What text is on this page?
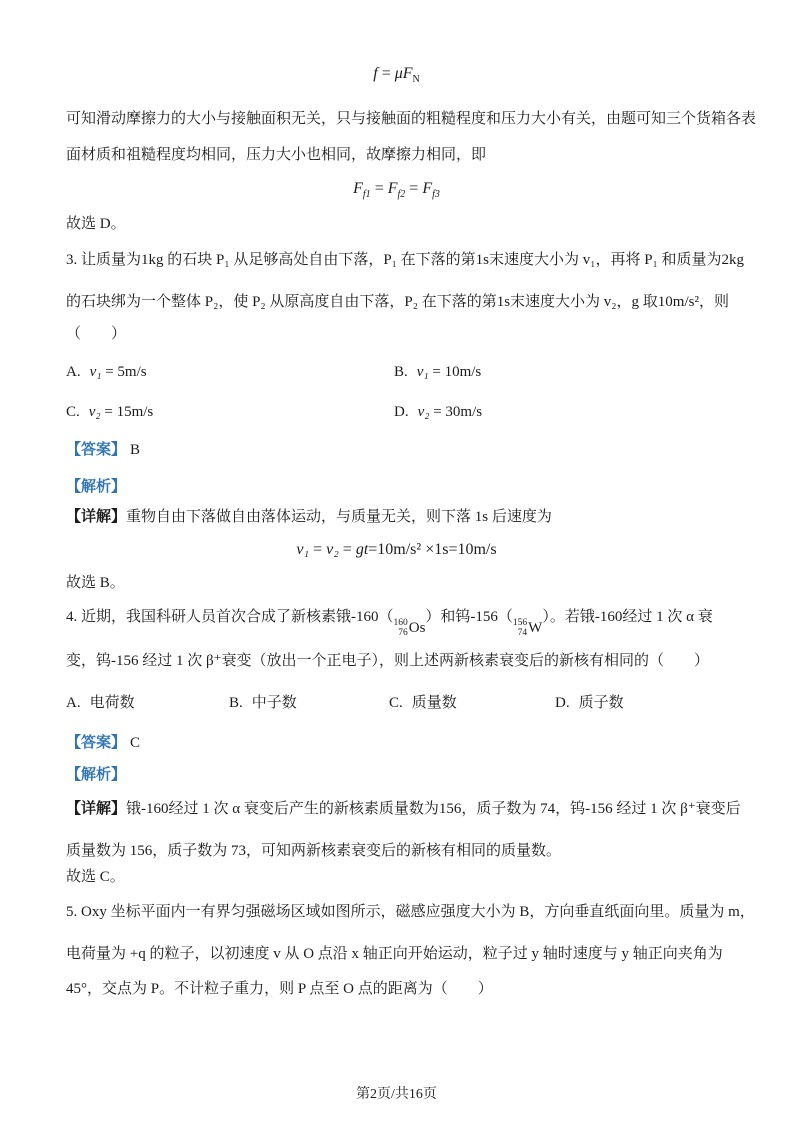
$f = \mu F_N$
可知滑动摩擦力的大小与接触面积无关，只与接触面的粗糙程度和压力大小有关，由题可知三个货箱各表
面材质和祖糙程度均相同，压力大小也相同，故摩擦力相同，即
$F_{f1} = F_{f2} = F_{f3}$
故选 D。
3. 让质量为1kg 的石块 P₁ 从足够高处自由下落，P₁ 在下落的第1s末速度大小为 v₁，再将 P₁ 和质量为2kg
的石块绑为一个整体 P₂，使 P₂ 从原高度自由下落，P₂ 在下落的第1s末速度大小为 v₂，g 取10m/s²，则
（　　）
A. v₁ = 5m/s	B. v₁ = 10m/s
C. v₂ = 15m/s	D. v₂ = 30m/s
【答案】 B
【解析】
【详解】重物自由下落做自由落体运动，与质量无关，则下落 1s 后速度为
v₁ = v₂ = gt=10m/s² ×1s=10m/s
故选 B。
4. 近期，我国科研人员首次合成了新核素锇-160（ 160
76 Os
）和钨-156（ 156
74 W
）。若锇-160经过 1 次 α 衰
变，钨-156 经过 1 次 β⁺衰变（放出一个正电子），则上述两新核素衰变后的新核有相同的（　　）
A. 电荷数	B. 中子数	C. 质量数	D. 质子数
【答案】 C
【解析】
【详解】锇-160经过 1 次 α 衰变后产生的新核素质量数为156，质子数为 74，钨-156 经过 1 次 β⁺衰变后
质量数为 156，质子数为 73，可知两新核素衰变后的新核有相同的质量数。
故选 C。
5. Oxy 坐标平面内一有界匀强磁场区域如图所示，磁感应强度大小为 B，方向垂直纸面向里。质量为 m，
电荷量为 +q 的粒子，以初速度 v 从 O 点沿 x 轴正向开始运动，粒子过 y 轴时速度与 y 轴正向夹角为
45°，交点为 P。不计粒子重力，则 P 点至 O 点的距离为（　　）
第2页/共16页
